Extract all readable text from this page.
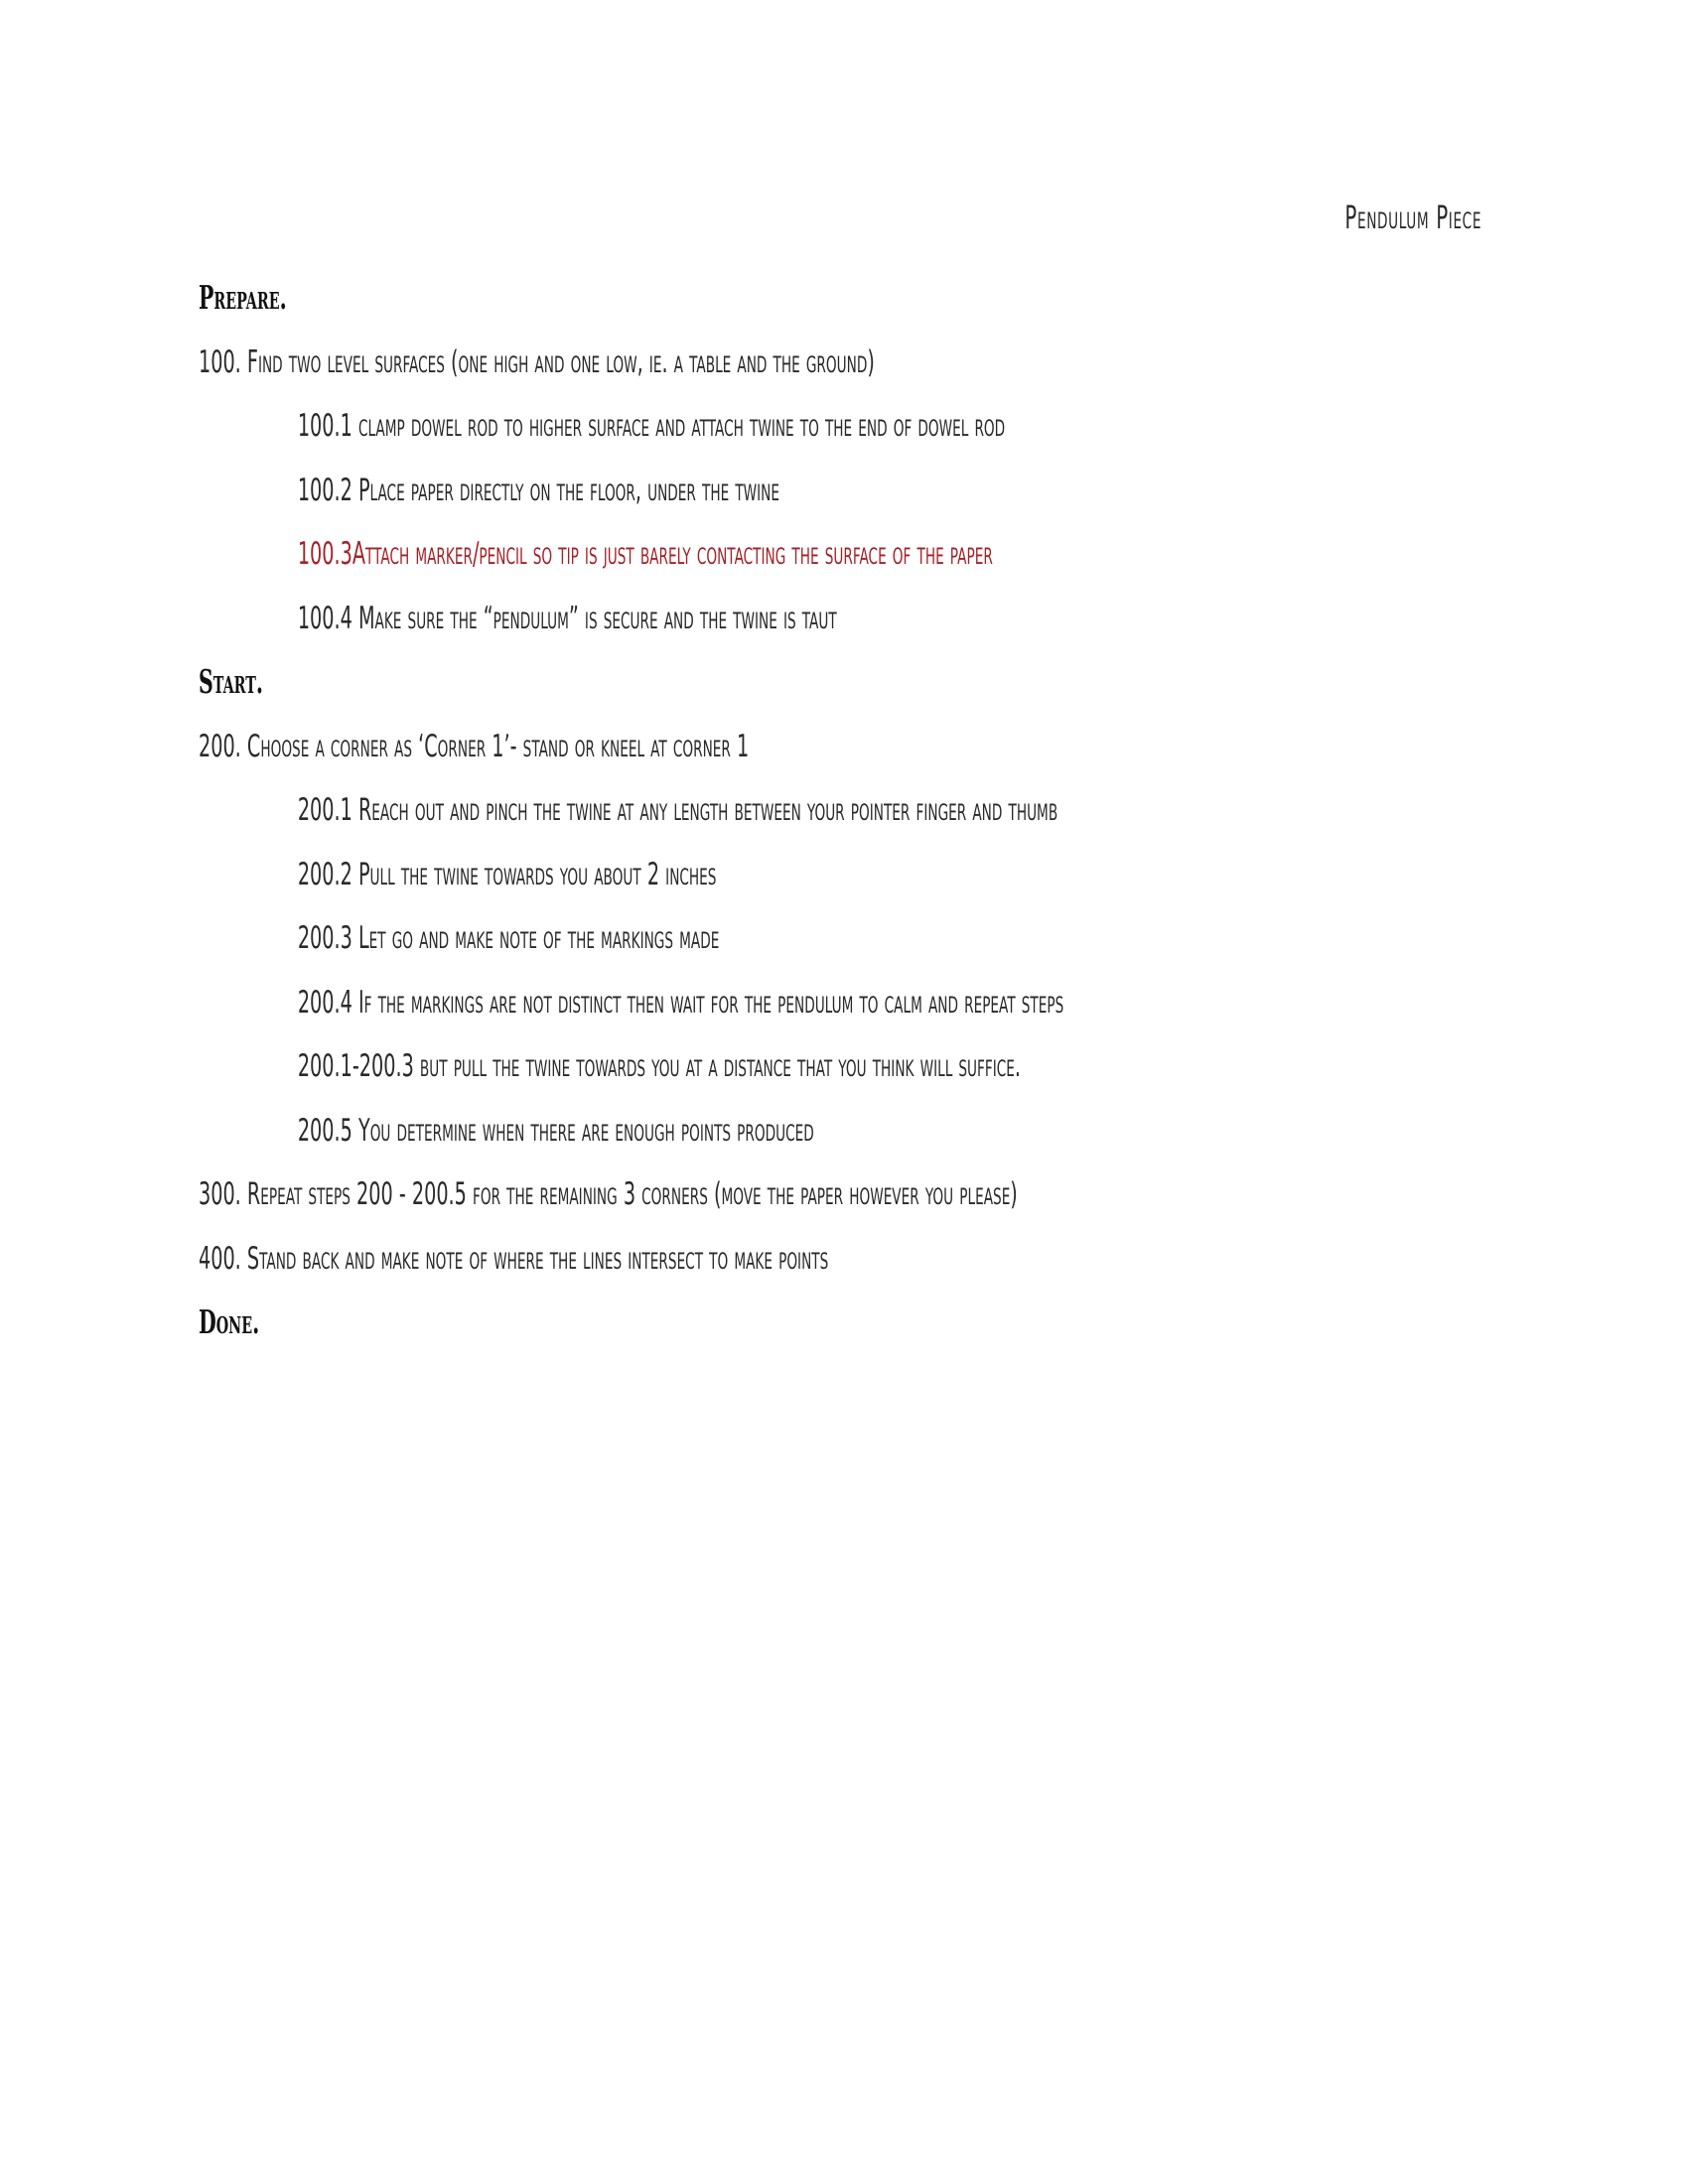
Pendulum Piece
Prepare.
100. Find two level surfaces (one high and one low, ie. a table and the ground)
100.1 clamp dowel rod to higher surface and attach twine to the end of dowel rod
100.2 Place paper directly on the floor, under the twine
100.3Attach marker/pencil so tip is just barely contacting the surface of the paper
100.4 Make sure the “pendulum” is secure and the twine is taut
Start.
200. Choose a corner as ‘Corner 1’- stand or kneel at corner 1
200.1 Reach out and pinch the twine at any length between your pointer finger and thumb
200.2 Pull the twine towards you about 2 inches
200.3 Let go and make note of the markings made
200.4 If the markings are not distinct then wait for the pendulum to calm and repeat steps
200.1-200.3 but pull the twine towards you at a distance that you think will suffice.
200.5 You determine when there are enough points produced
300. Repeat steps 200 - 200.5 for the remaining 3 corners (move the paper however you please)
400. Stand back and make note of where the lines intersect to make points
Done.
